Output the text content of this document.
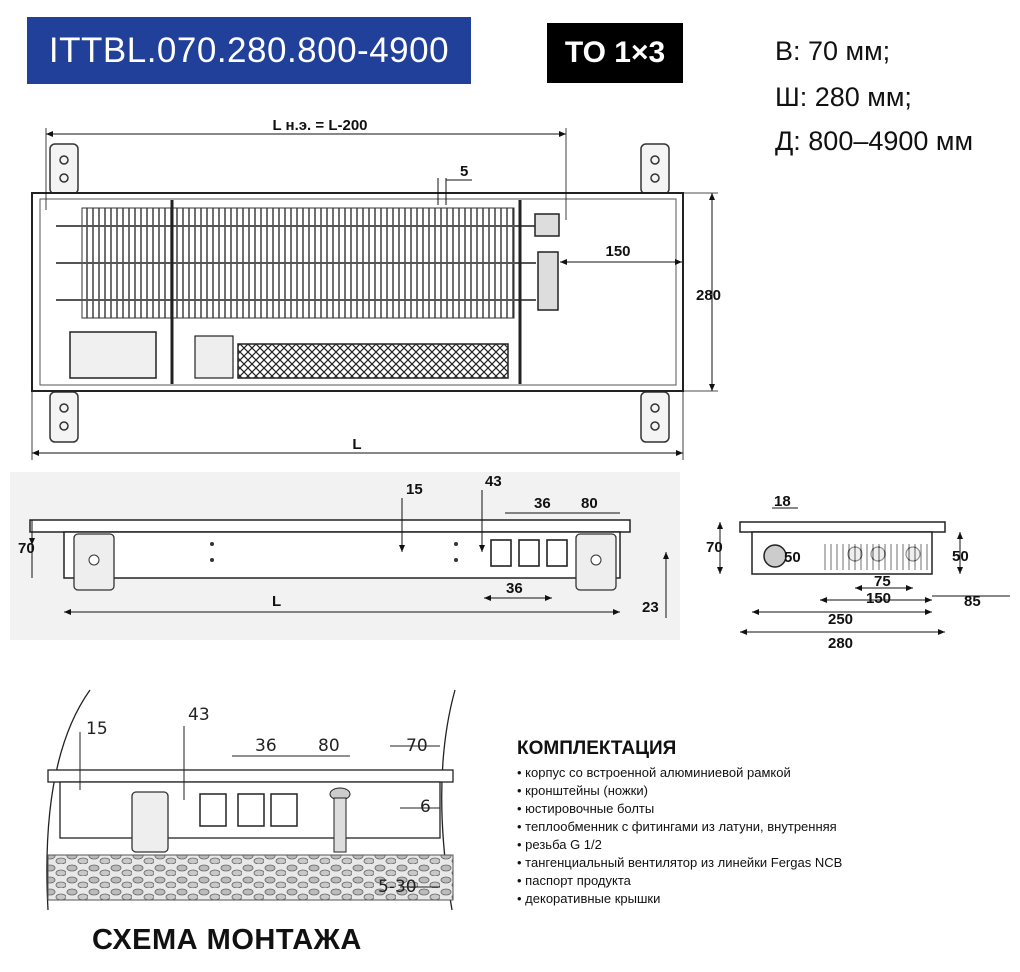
ITTBL.070.280.800-4900	TO 1×3	В: 70 мм;
Ш: 280 мм;
Д: 800–4900 мм
L н.э. = L-200
5
150
280
L
70
15	43
36 80
36
L	23
18
70
50	50
75
150	85
250
280
15
43
36 80	70
6
5-30
КОМПЛЕКТАЦИЯ
• корпус со встроенной алюминиевой рамкой
• кронштейны (ножки)
• юстировочные болты
• теплообменник с фитингами из латуни, внутренняя
• резьба G 1/2
• тангенциальный вентилятор из линейки Fergas NCB
• паспорт продукта
• декоративные крышки
СХЕМА МОНТАЖА
